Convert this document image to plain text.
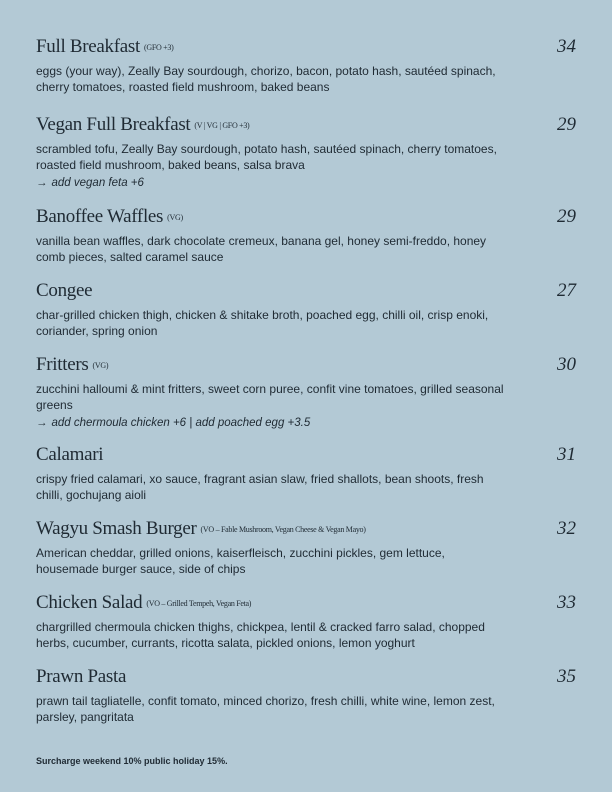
Full Breakfast (GFO +3)	34
eggs (your way), Zeally Bay sourdough, chorizo, bacon, potato hash, sautéed spinach, cherry tomatoes, roasted field mushroom, baked beans
Vegan Full Breakfast (V | VG | GFO +3)	29
scrambled tofu, Zeally Bay sourdough, potato hash, sautéed spinach, cherry tomatoes, roasted field mushroom, baked beans, salsa brava
→ add vegan feta +6
Banoffee Waffles (VG)	29
vanilla bean waffles, dark chocolate cremeux, banana gel, honey semi-freddo, honey comb pieces, salted caramel sauce
Congee	27
char-grilled chicken thigh, chicken & shitake broth, poached egg, chilli oil, crisp enoki, coriander, spring onion
Fritters (VG)	30
zucchini halloumi & mint fritters, sweet corn puree, confit vine tomatoes, grilled seasonal greens
→ add chermoula chicken +6 | add poached egg +3.5
Calamari	31
crispy fried calamari, xo sauce, fragrant asian slaw, fried shallots, bean shoots, fresh chilli, gochujang aioli
Wagyu Smash Burger (VO – Fable Mushroom, Vegan Cheese & Vegan Mayo)	32
American cheddar, grilled onions, kaiserfleisch, zucchini pickles, gem lettuce, housemade burger sauce, side of chips
Chicken Salad (VO – Grilled Tempeh, Vegan Feta)	33
chargrilled chermoula chicken thighs, chickpea, lentil & cracked farro salad, chopped herbs, cucumber, currants, ricotta salata, pickled onions, lemon yoghurt
Prawn Pasta	35
prawn tail tagliatelle, confit tomato, minced chorizo, fresh chilli, white wine, lemon zest, parsley, pangritata
Surcharge weekend 10% public holiday 15%.
